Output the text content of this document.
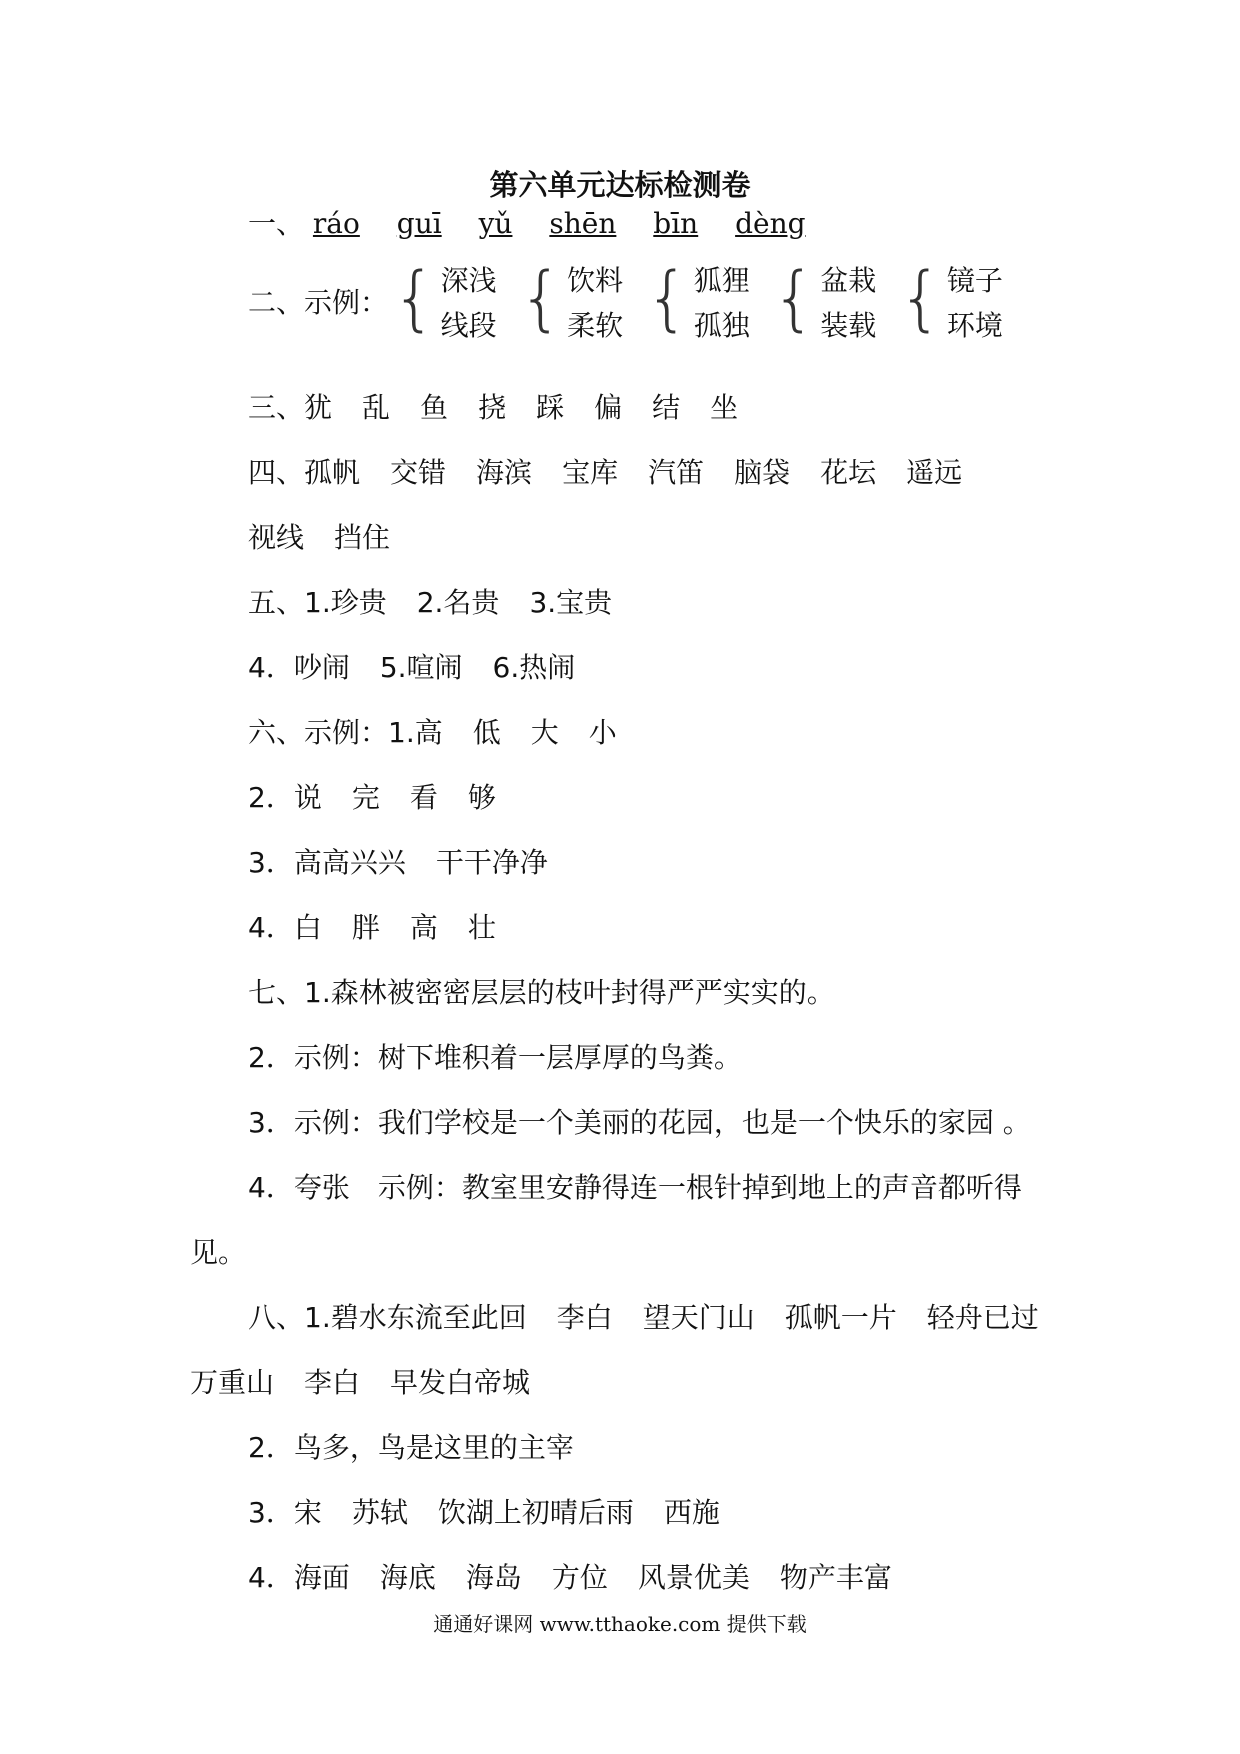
第六单元达标检测卷
一、 ráo guī yǔ shēn bīn dèng
二、示例： { 深浅
线段 { 饮料
柔软 { 狐狸
孤独 { 盆栽
装载 { 镜子
环境
三、犹 乱 鱼 挠 踩 偏 结 坐
四、孤帆 交错 海滨 宝库 汽笛 脑袋 花坛 遥远
视线 挡住
五、1.珍贵 2.名贵 3.宝贵
4．吵闹 5.喧闹 6.热闹
六、示例：1.高 低 大 小
2．说 完 看 够
3．高高兴兴 干干净净
4．白 胖 高 壮
七、1.森林被密密层层的枝叶封得严严实实的。
2．示例：树下堆积着一层厚厚的鸟粪。
3．示例：我们学校是一个美丽的花园，也是一个快乐的家园 。
4．夸张　示例：教室里安静得连一根针掉到地上的声音都听得
见。
八、1.碧水东流至此回 李白 望天门山 孤帆一片 轻舟已过
万重山 李白 早发白帝城
2．鸟多，鸟是这里的主宰
3．宋 苏轼 饮湖上初晴后雨 西施
4．海面 海底 海岛 方位 风景优美 物产丰富
通通好课网 www.tthaoke.com 提供下载
